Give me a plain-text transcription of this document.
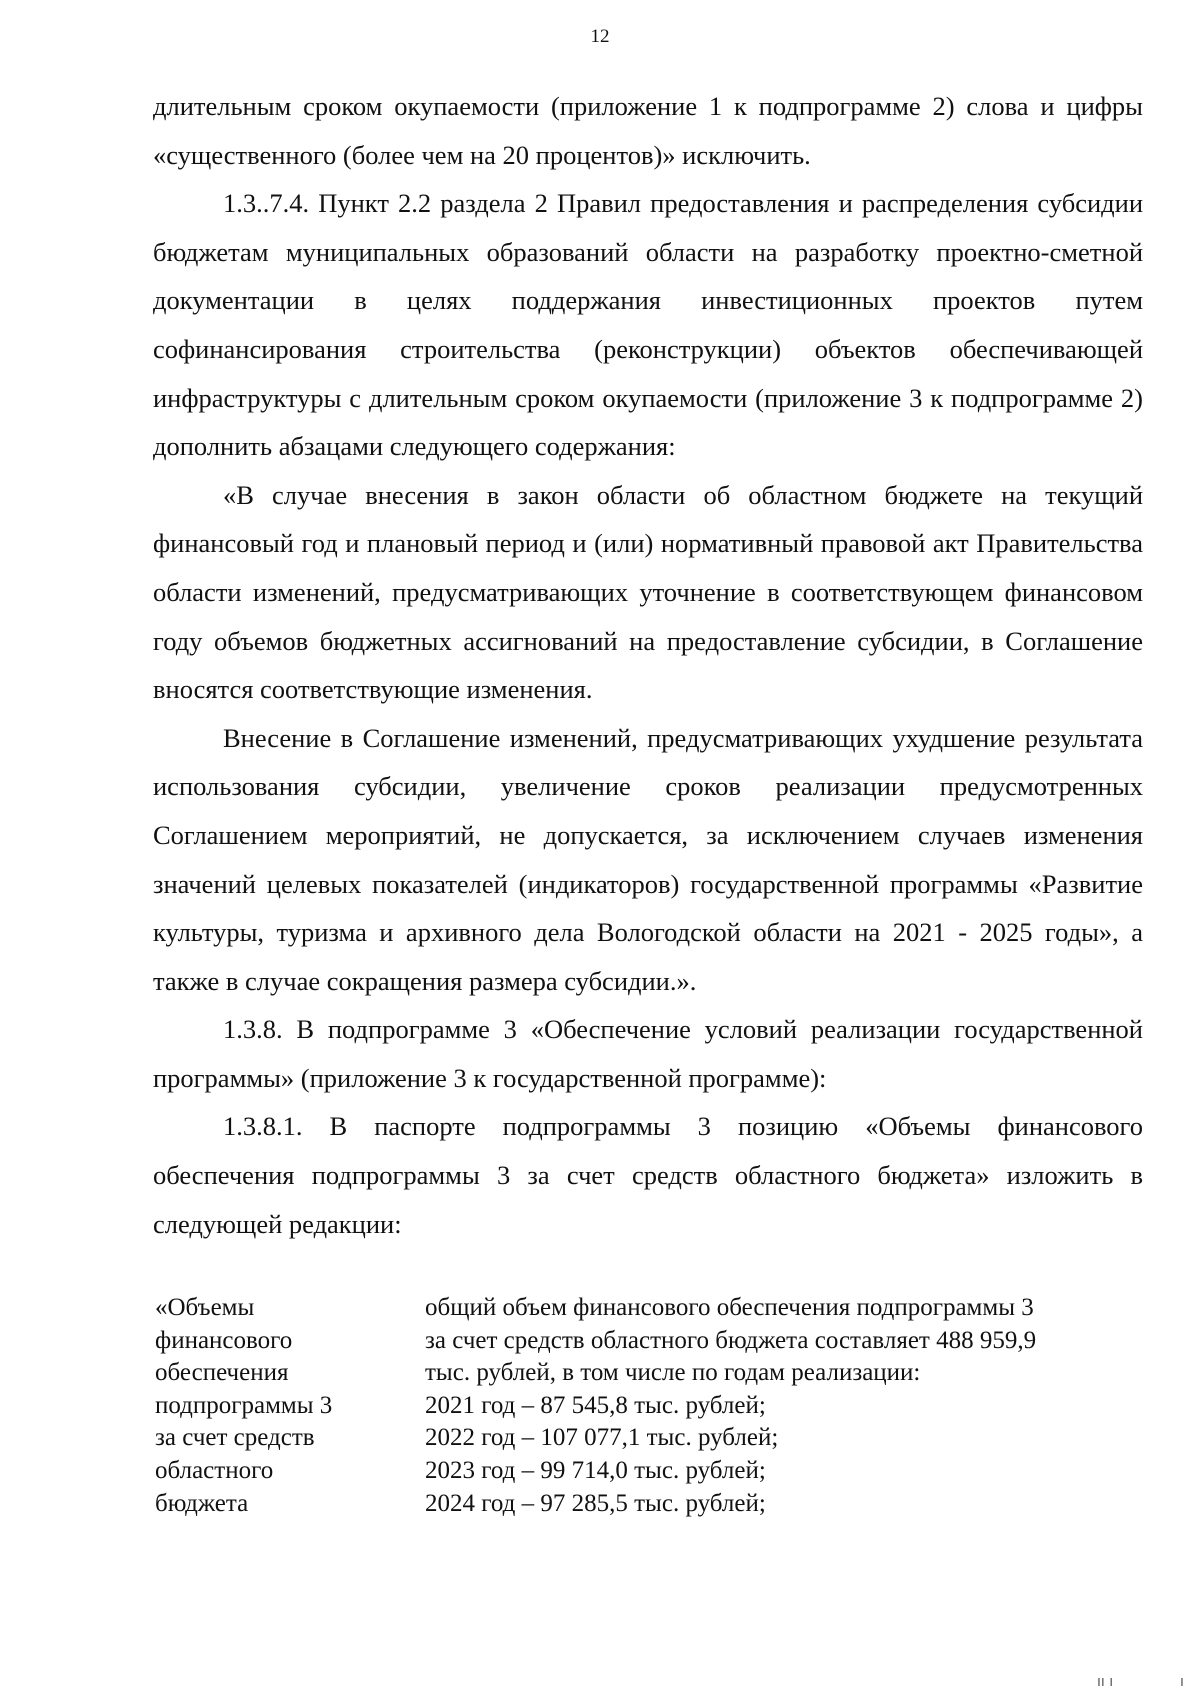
12

длительным сроком окупаемости (приложение 1 к подпрограмме 2) слова и цифры «существенного (более чем на 20 процентов)» исключить.

1.3..7.4. Пункт 2.2 раздела 2 Правил предоставления и распределения субсидии бюджетам муниципальных образований области на разработку проектно-сметной документации в целях поддержания инвестиционных проектов путем софинансирования строительства (реконструкции) объектов обеспечивающей инфраструктуры с длительным сроком окупаемости (приложение 3 к подпрограмме 2) дополнить абзацами следующего содержания:

«В случае внесения в закон области об областном бюджете на текущий финансовый год и плановый период и (или) нормативный правовой акт Правительства области изменений, предусматривающих уточнение в соответствующем финансовом году объемов бюджетных ассигнований на предоставление субсидии, в Соглашение вносятся соответствующие изменения.

Внесение в Соглашение изменений, предусматривающих ухудшение результата использования субсидии, увеличение сроков реализации предусмотренных Соглашением мероприятий, не допускается, за исключением случаев изменения значений целевых показателей (индикаторов) государственной программы «Развитие культуры, туризма и архивного дела Вологодской области на 2021 - 2025 годы», а также в случае сокращения размера субсидии.».

1.3.8. В подпрограмме 3 «Обеспечение условий реализации государственной программы» (приложение 3 к государственной программе):

1.3.8.1. В паспорте подпрограммы 3 позицию «Объемы финансового обеспечения подпрограммы 3 за счет средств областного бюджета» изложить в следующей редакции:

«Объемы
финансового
обеспечения
подпрограммы 3
за счет средств
областного
бюджета
общий объем финансового обеспечения подпрограммы 3
за счет средств областного бюджета составляет 488 959,9
тыс. рублей, в том числе по годам реализации:
2021 год – 87 545,8 тыс. рублей;
2022 год – 107 077,1 тыс. рублей;
2023 год – 99 714,0 тыс. рублей;
2024 год – 97 285,5 тыс. рублей;
ıı ı	ı
